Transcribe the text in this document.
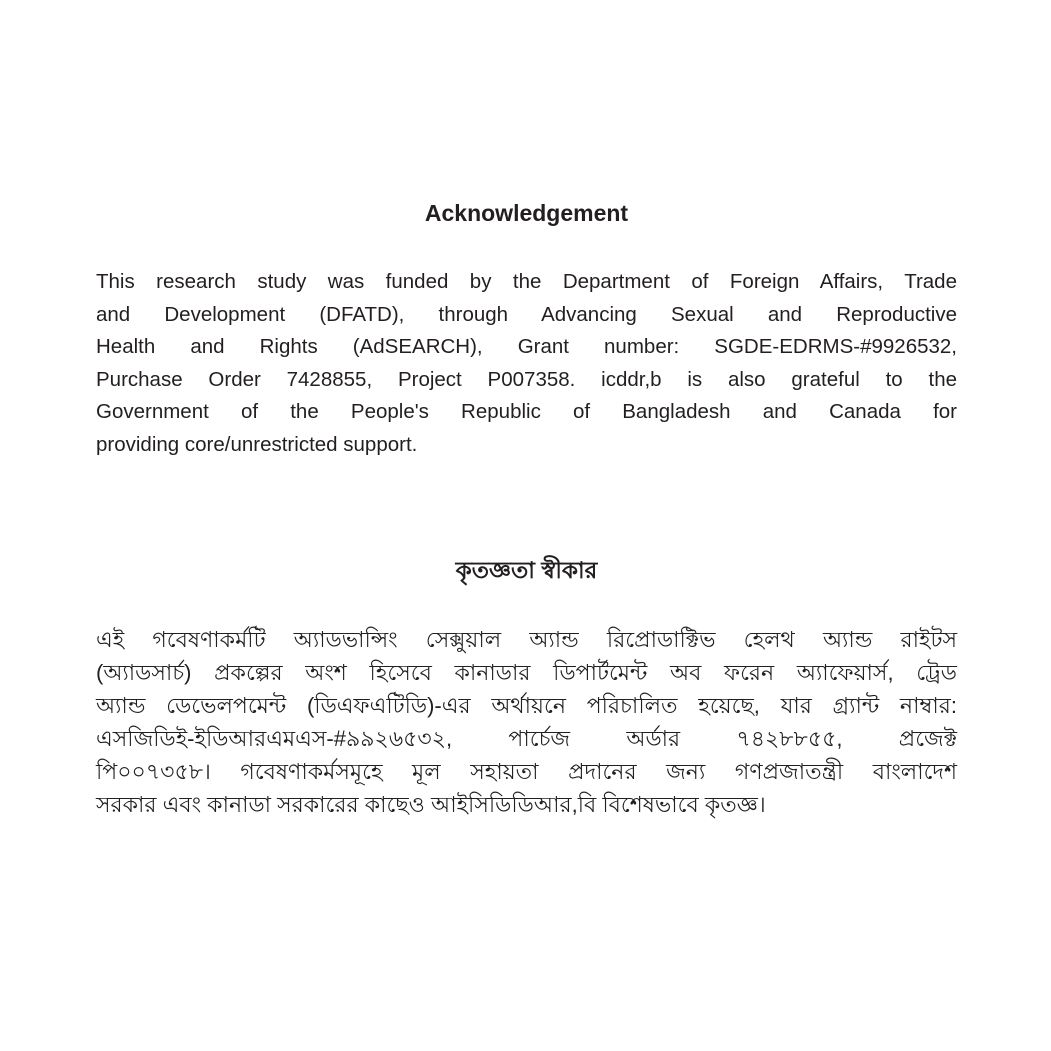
Acknowledgement
This research study was funded by the Department of Foreign Affairs, Trade
and Development (DFATD), through Advancing Sexual and Reproductive
Health and Rights (AdSEARCH), Grant number: SGDE-EDRMS-#9926532,
Purchase Order 7428855, Project P007358. icddr,b is also grateful to the
Government of the People's Republic of Bangladesh and Canada for
providing core/unrestricted support.
কৃতজ্ঞতা স্বীকার
এই গবেষণাকর্মটি অ্যাডভান্সিং সেক্সুয়াল অ্যান্ড রিপ্রোডাক্টিভ হেলথ অ্যান্ড রাইটস
(অ্যাডসার্চ) প্রকল্পের অংশ হিসেবে কানাডার ডিপার্টমেন্ট অব ফরেন অ্যাফেয়ার্স, ট্রেড
অ্যান্ড ডেভেলপমেন্ট (ডিএফএটিডি)-এর অর্থায়নে পরিচালিত হয়েছে, যার গ্র্যান্ট নাম্বার:
এসজিডিই-ইডিআরএমএস-#৯৯২৬৫৩২, পার্চেজ অর্ডার ৭৪২৮৮৫৫, প্রজেক্ট
পি০০৭৩৫৮। গবেষণাকর্মসমূহে মূল সহায়তা প্রদানের জন্য গণপ্রজাতন্ত্রী বাংলাদেশ
সরকার এবং কানাডা সরকারের কাছেও আইসিডিডিআর,বি বিশেষভাবে কৃতজ্ঞ।
